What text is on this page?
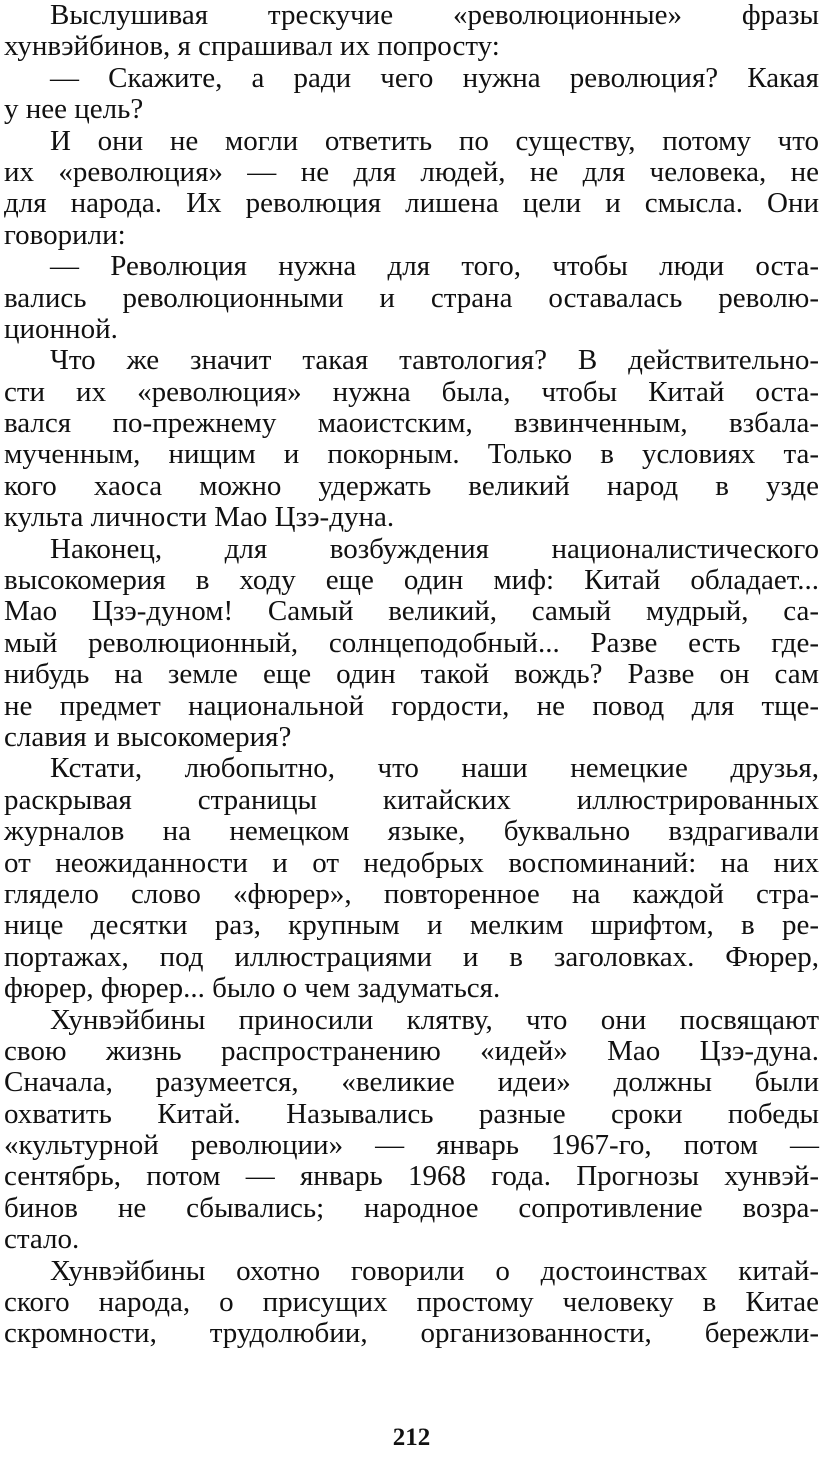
Выслушивая трескучие «революционные» фразы
хунвэйбинов, я спрашивал их попросту:
— Скажите, а ради чего нужна революция? Какая
у нее цель?
И они не могли ответить по существу, потому что
их «революция» — не для людей, не для человека, не
для народа. Их революция лишена цели и смысла. Они
говорили:
— Революция нужна для того, чтобы люди оста-
вались революционными и страна оставалась револю-
ционной.
Что же значит такая тавтология? В действительно-
сти их «революция» нужна была, чтобы Китай оста-
вался по-прежнему маоистским, взвинченным, взбала-
мученным, нищим и покорным. Только в условиях та-
кого хаоса можно удержать великий народ в узде
культа личности Мао Цзэ-дуна.
Наконец, для возбуждения националистического
высокомерия в ходу еще один миф: Китай обладает...
Мао Цзэ-дуном! Самый великий, самый мудрый, са-
мый революционный, солнцеподобный... Разве есть где-
нибудь на земле еще один такой вождь? Разве он сам
не предмет национальной гордости, не повод для тще-
славия и высокомерия?
Кстати, любопытно, что наши немецкие друзья,
раскрывая страницы китайских иллюстрированных
журналов на немецком языке, буквально вздрагивали
от неожиданности и от недобрых воспоминаний: на них
глядело слово «фюрер», повторенное на каждой стра-
нице десятки раз, крупным и мелким шрифтом, в ре-
портажах, под иллюстрациями и в заголовках. Фюрер,
фюрер, фюрер... было о чем задуматься.
Хунвэйбины приносили клятву, что они посвящают
свою жизнь распространению «идей» Мао Цзэ-дуна.
Сначала, разумеется, «великие идеи» должны были
охватить Китай. Назывались разные сроки победы
«культурной революции» — январь 1967-го, потом —
сентябрь, потом — январь 1968 года. Прогнозы хунвэй-
бинов не сбывались; народное сопротивление возра-
стало.
Хунвэйбины охотно говорили о достоинствах китай-
ского народа, о присущих простому человеку в Китае
скромности, трудолюбии, организованности, бережли-
212
